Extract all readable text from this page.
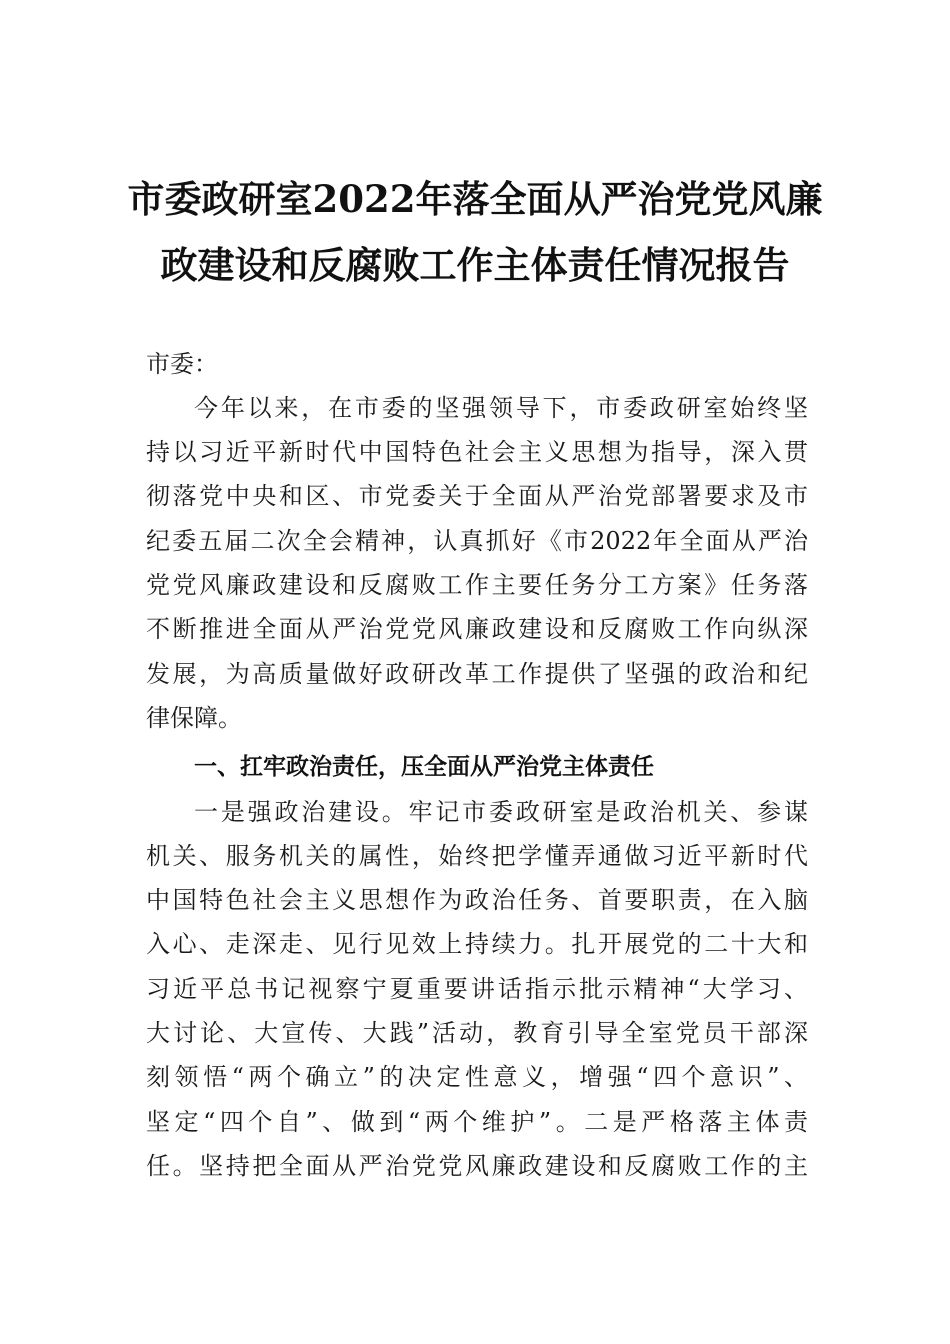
市委政研室2022年落全面从严治党党风廉
政建设和反腐败工作主体责任情况报告
市委：
今年以来，在市委的坚强领导下，市委政研室始终坚
持以习近平新时代中国特色社会主义思想为指导，深入贯
彻落党中央和区、市党委关于全面从严治党部署要求及市
纪委五届二次全会精神，认真抓好《市2022年全面从严治
党党风廉政建设和反腐败工作主要任务分工方案》任务落
不断推进全面从严治党党风廉政建设和反腐败工作向纵深
发展，为高质量做好政研改革工作提供了坚强的政治和纪
律保障。
一、扛牢政治责任，压全面从严治党主体责任
一是强政治建设。牢记市委政研室是政治机关、参谋
机关、服务机关的属性，始终把学懂弄通做习近平新时代
中国特色社会主义思想作为政治任务、首要职责，在入脑
入心、走深走、见行见效上持续力。扎开展党的二十大和
习近平总书记视察宁夏重要讲话指示批示精神“大学习、
大讨论、大宣传、大践”活动，教育引导全室党员干部深
刻领悟“两个确立”的决定性意义，增强“四个意识”、
坚定“四个自”、做到“两个维护”。二是严格落主体责
任。坚持把全面从严治党党风廉政建设和反腐败工作的主
